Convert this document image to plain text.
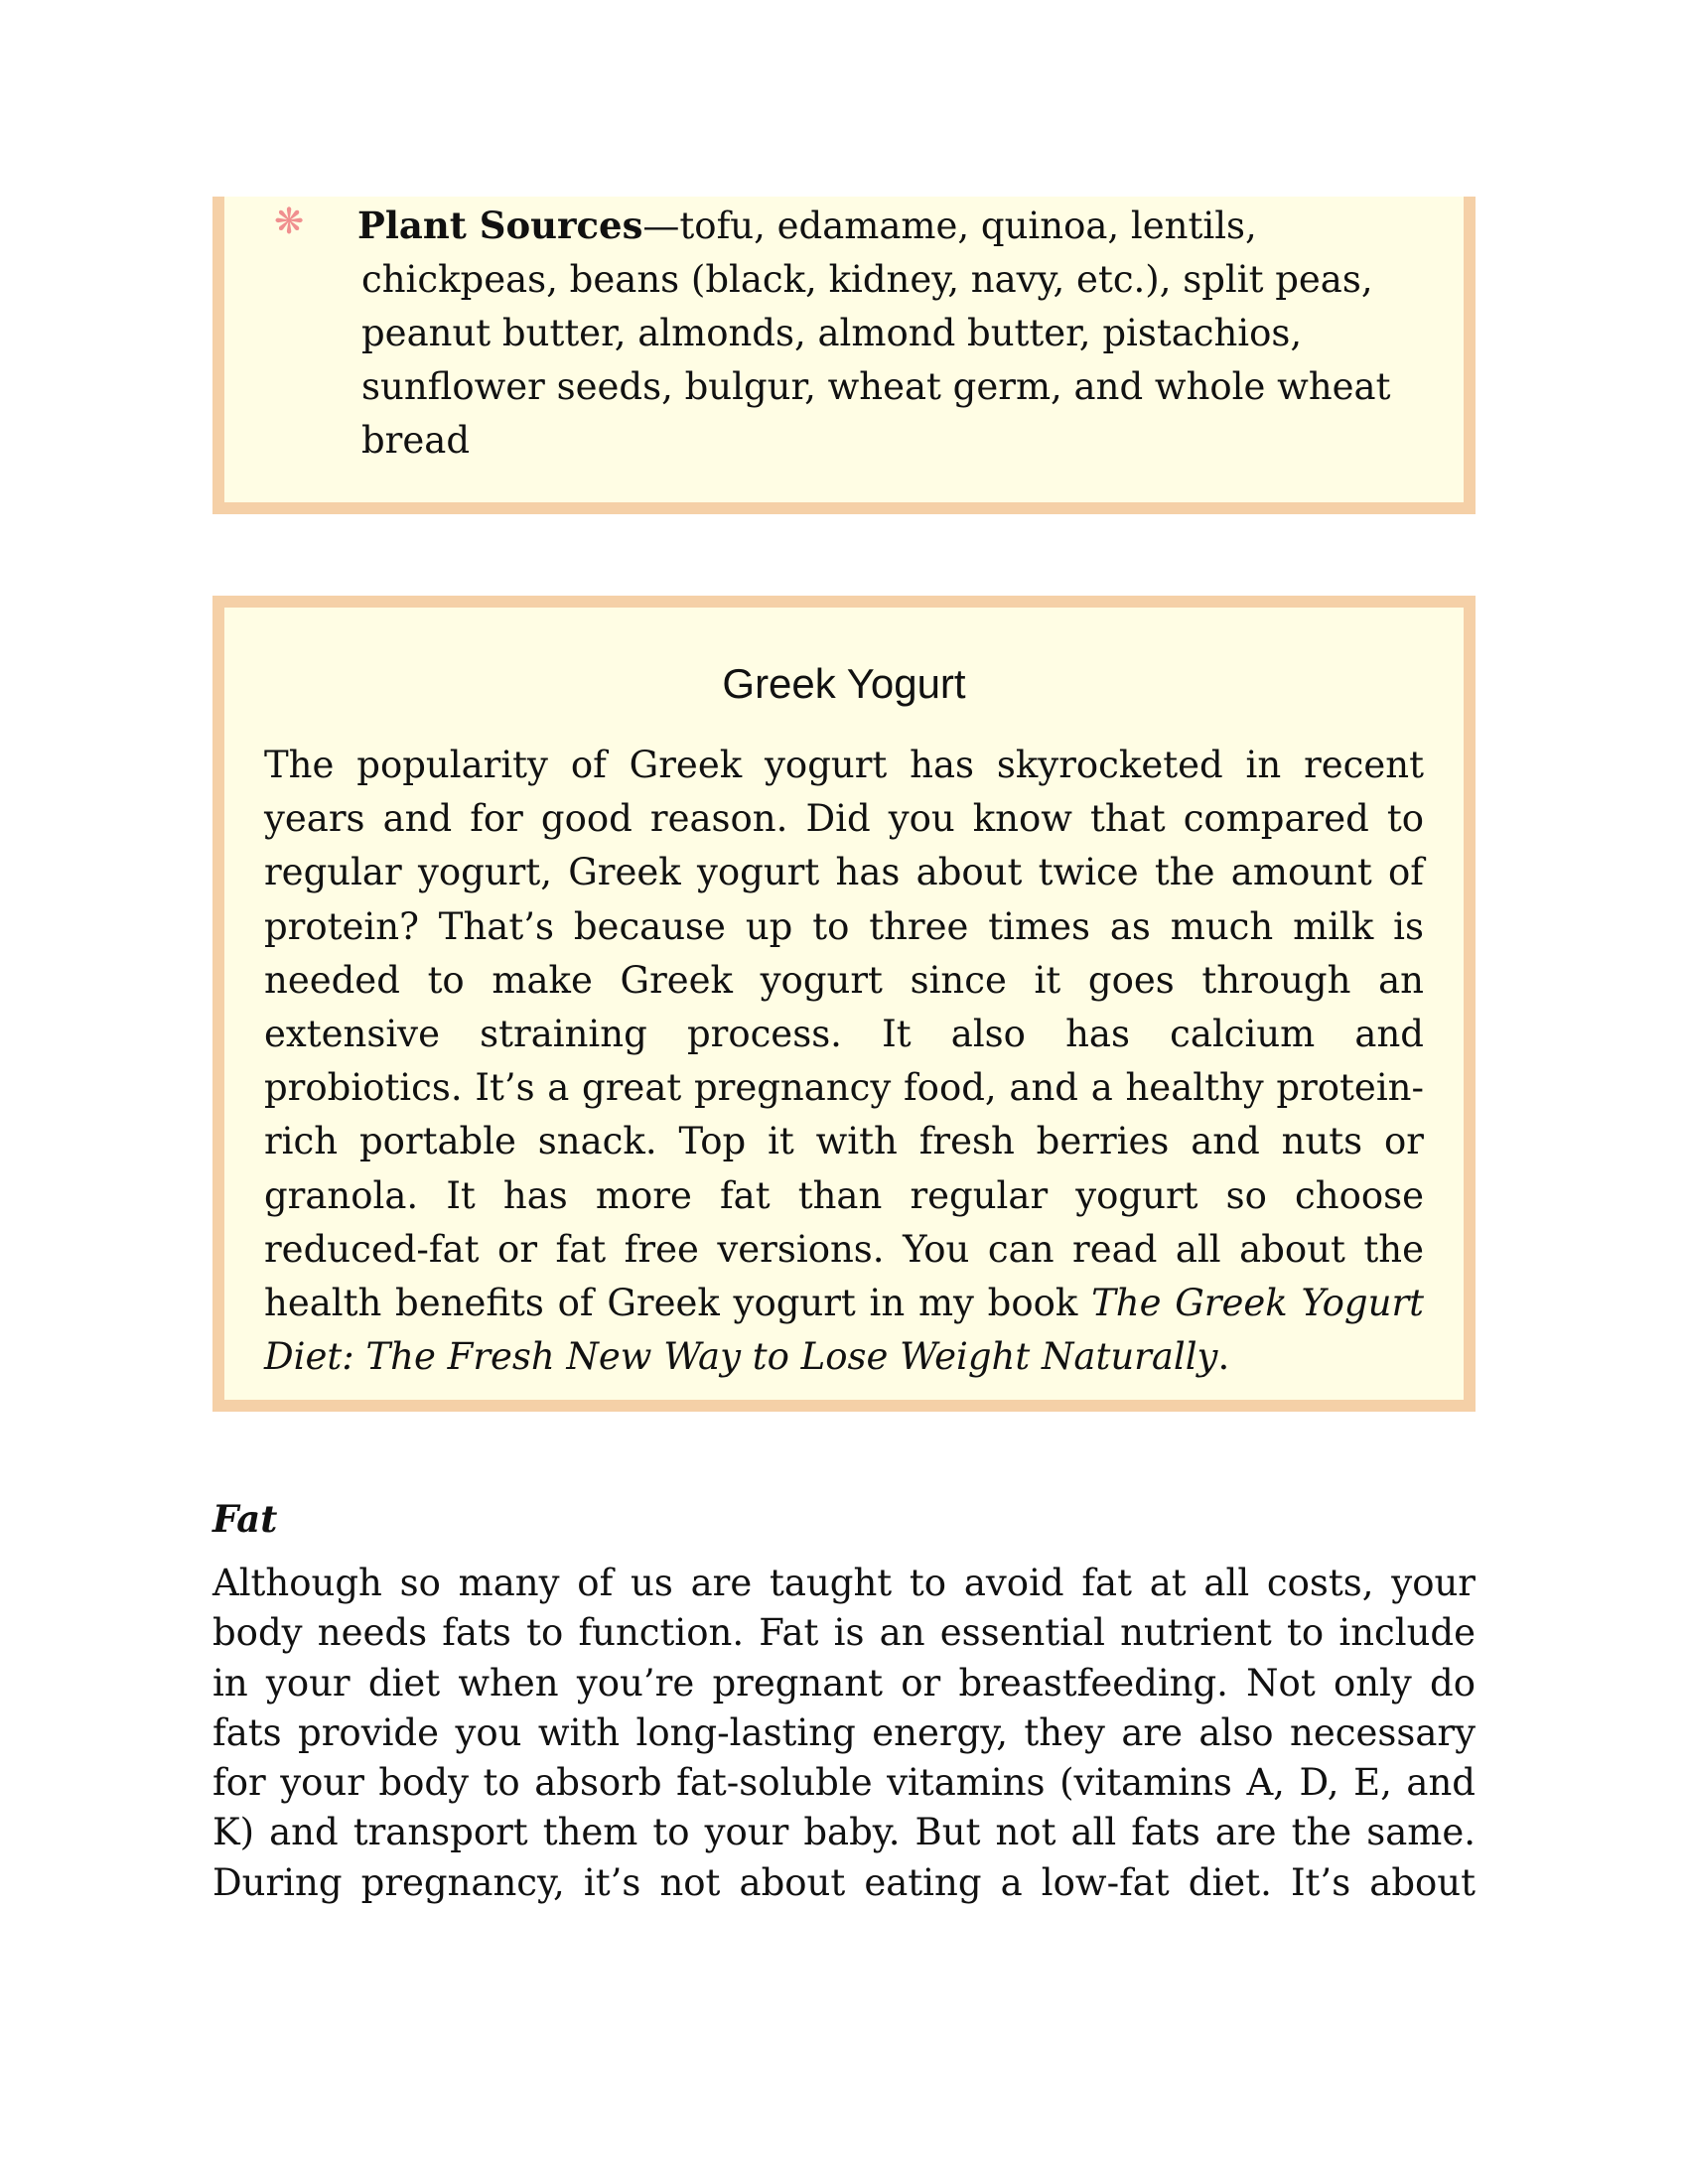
❋ Plant Sources—tofu, edamame, quinoa, lentils, chickpeas, beans (black, kidney, navy, etc.), split peas, peanut butter, almonds, almond butter, pistachios, sunflower seeds, bulgur, wheat germ, and whole wheat bread
Greek Yogurt
The popularity of Greek yogurt has skyrocketed in recent years and for good reason. Did you know that compared to regular yogurt, Greek yogurt has about twice the amount of protein? That’s because up to three times as much milk is needed to make Greek yogurt since it goes through an extensive straining process. It also has calcium and probiotics. It’s a great pregnancy food, and a healthy protein-rich portable snack. Top it with fresh berries and nuts or granola. It has more fat than regular yogurt so choose reduced-fat or fat free versions. You can read all about the health benefits of Greek yogurt in my book The Greek Yogurt Diet: The Fresh New Way to Lose Weight Naturally.
Fat
Although so many of us are taught to avoid fat at all costs, your body needs fats to function. Fat is an essential nutrient to include in your diet when you’re pregnant or breastfeeding. Not only do fats provide you with long-lasting energy, they are also necessary for your body to absorb fat-soluble vitamins (vitamins A, D, E, and K) and transport them to your baby. But not all fats are the same. During pregnancy, it’s not about eating a low-fat diet. It’s about
